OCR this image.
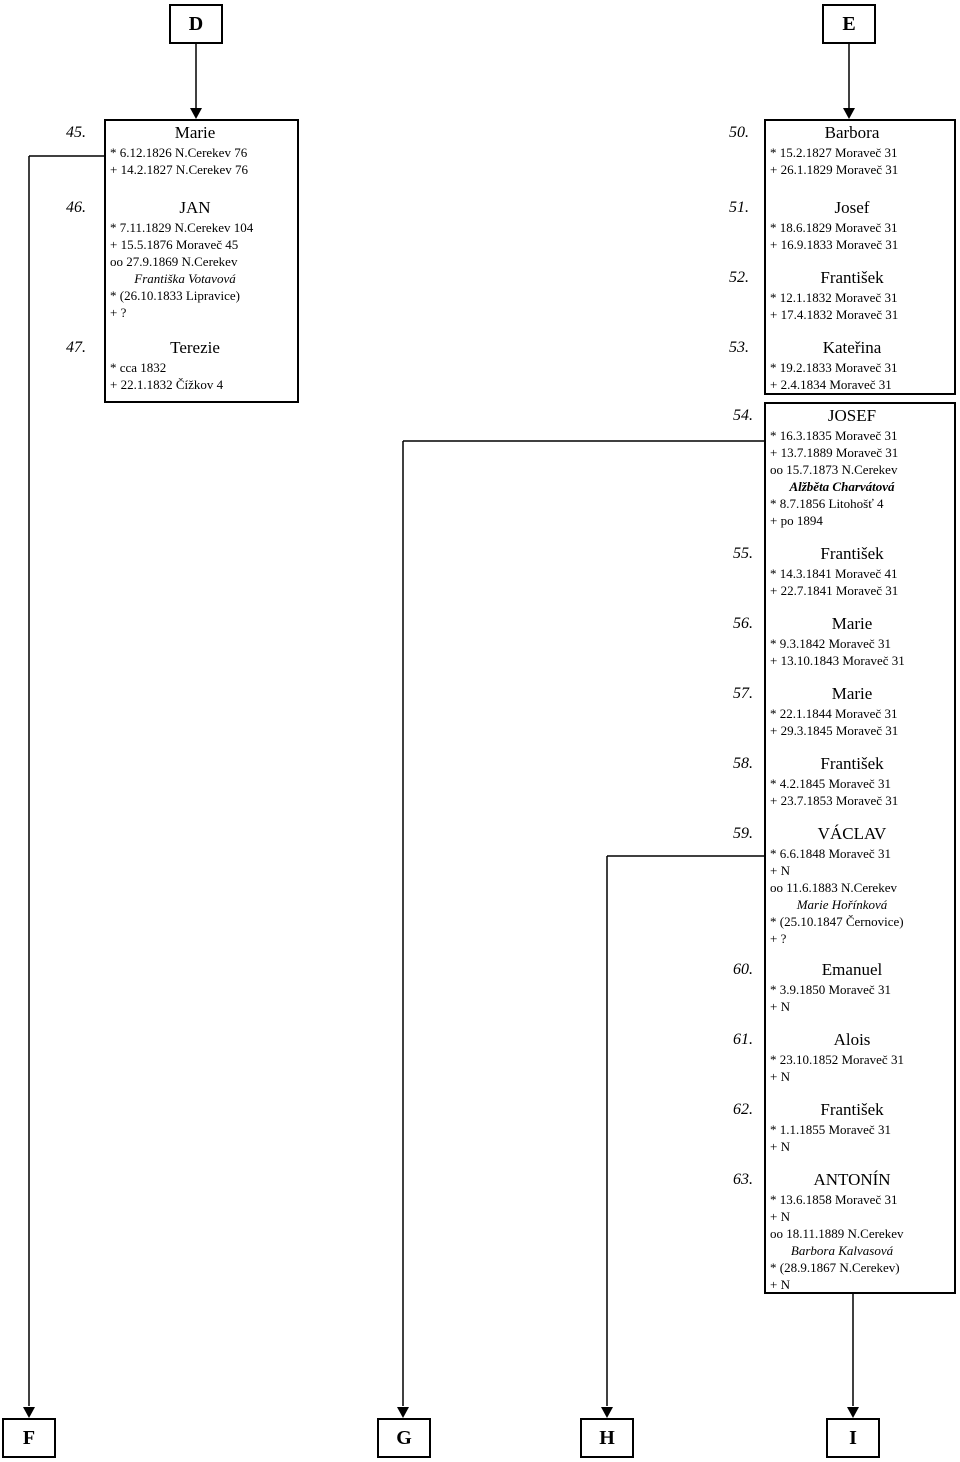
D	E
F	G	H	I
45.	Marie
* 6.12.1826 N.Cerekev 76
+ 14.2.1827 N.Cerekev 76
46.	JAN
* 7.11.1829 N.Cerekev 104
+ 15.5.1876 Moraveč 45
oo 27.9.1869 N.Cerekev
Františka Votavová
* (26.10.1833 Lipravice)
+ ?
47.	Terezie
* cca 1832
+ 22.1.1832 Čížkov 4
50.	Barbora
* 15.2.1827 Moraveč 31
+ 26.1.1829 Moraveč 31
51.	Josef
* 18.6.1829 Moraveč 31
+ 16.9.1833 Moraveč 31
52.	František
* 12.1.1832 Moraveč 31
+ 17.4.1832 Moraveč 31
53.	Kateřina
* 19.2.1833 Moraveč 31
+ 2.4.1834 Moraveč 31
54.	JOSEF
* 16.3.1835 Moraveč 31
+ 13.7.1889 Moraveč 31
oo 15.7.1873 N.Cerekev
Alžběta Charvátová
* 8.7.1856 Litohošť 4
+ po 1894
55.	František
* 14.3.1841 Moraveč 41
+ 22.7.1841 Moraveč 31
56.	Marie
* 9.3.1842 Moraveč 31
+ 13.10.1843 Moraveč 31
57.	Marie
* 22.1.1844 Moraveč 31
+ 29.3.1845 Moraveč 31
58.	František
* 4.2.1845 Moraveč 31
+ 23.7.1853 Moraveč 31
59.	VÁCLAV
* 6.6.1848 Moraveč 31
+ N
oo 11.6.1883 N.Cerekev
Marie Hořínková
* (25.10.1847 Černovice)
+ ?
60.	Emanuel
* 3.9.1850 Moraveč 31
+ N
61.	Alois
* 23.10.1852 Moraveč 31
+ N
62.	František
* 1.1.1855 Moraveč 31
+ N
63.	ANTONÍN
* 13.6.1858 Moraveč 31
+ N
oo 18.11.1889 N.Cerekev
Barbora Kalvasová
* (28.9.1867 N.Cerekev)
+ N
